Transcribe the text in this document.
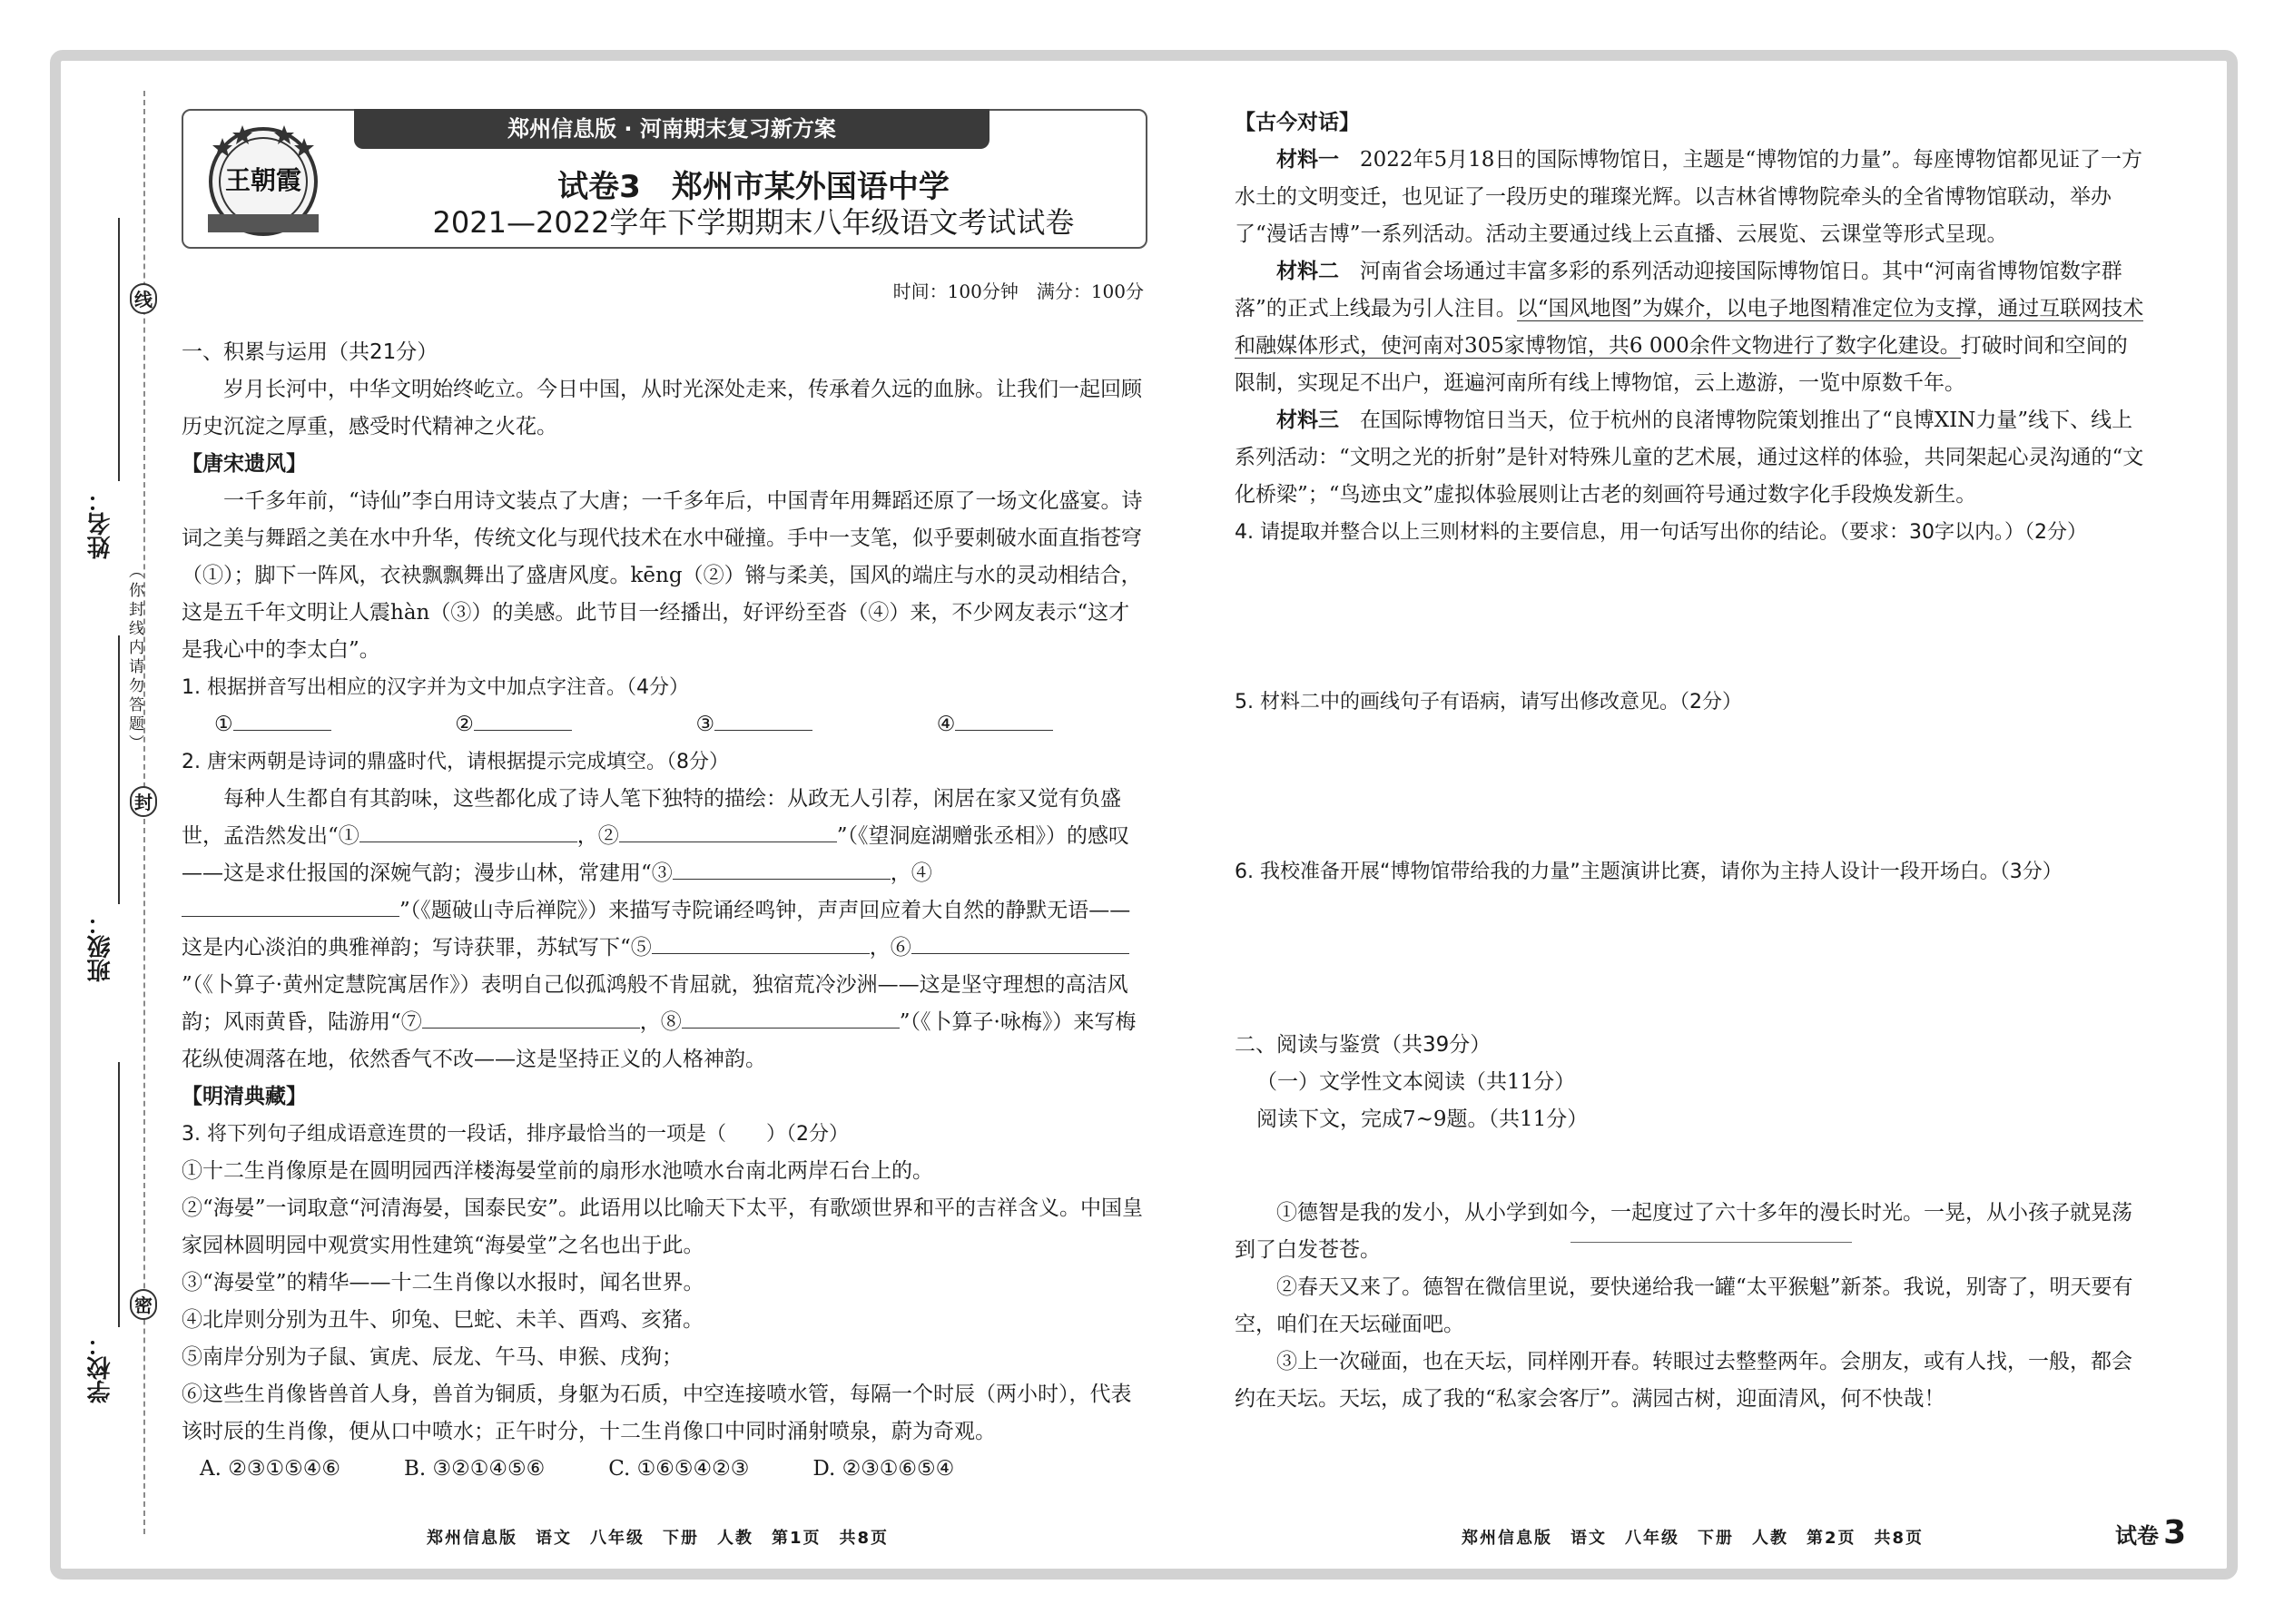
线
封
密
姓名：
班级：
学校：
（你封线内请勿答题）
郑州信息版 · 河南期末复习新方案
王朝霞	试卷3　郑州市某外国语中学
2021—2022学年下学期期末八年级语文考试试卷
时间：100分钟　满分：100分

一、积累与运用（共21分）

岁月长河中，中华文明始终屹立。今日中国，从时光深处走来，传承着久远的血脉。让我们一起回顾历史沉淀之厚重，感受时代精神之火花。

【唐宋遗风】

一千多年前，“诗仙”李白用诗文装点了大唐；一千多年后，中国青年用舞蹈还原了一场文化盛宴。诗词之美与舞蹈之美在水中升华，传统文化与现代技术在水中碰撞。手中一支笔，似乎要刺破水面直指苍穹（①）；脚下一阵风，衣袂飘飘舞出了盛唐风度。kēng（②）锵与柔美，国风的端庄与水的灵动相结合，这是五千年文明让人震hàn（③）的美感。此节目一经播出，好评纷至沓（④）来，不少网友表示“这才是我心中的李太白”。

1. 根据拼音写出相应的汉字并为文中加点字注音。（4分）

①	②	③	④

2. 唐宋两朝是诗词的鼎盛时代，请根据提示完成填空。（8分）

每种人生都自有其韵味，这些都化成了诗人笔下独特的描绘：从政无人引荐，闲居在家又觉有负盛世，孟浩然发出“①	，②	”（《望洞庭湖赠张丞相》）的感叹——这是求仕报国的深婉气韵；漫步山林，常建用“③	，④”（《题破山寺后禅院》）来描写寺院诵经鸣钟，声声回应着大自然的静默无语——这是内心淡泊的典雅禅韵；写诗获罪，苏轼写下“⑤	，⑥”（《卜算子·黄州定慧院寓居作》）表明自己似孤鸿般不肯屈就，独宿荒冷沙洲——这是坚守理想的高洁风韵；风雨黄昏，陆游用“⑦	，⑧	”（《卜算子·咏梅》）来写梅花纵使凋落在地，依然香气不改——这是坚持正义的人格神韵。

【明清典藏】

3. 将下列句子组成语意连贯的一段话，排序最恰当的一项是（　　）（2分）

①十二生肖像原是在圆明园西洋楼海晏堂前的扇形水池喷水台南北两岸石台上的。

②“海晏”一词取意“河清海晏，国泰民安”。此语用以比喻天下太平，有歌颂世界和平的吉祥含义。中国皇家园林圆明园中观赏实用性建筑“海晏堂”之名也出于此。

③“海晏堂”的精华——十二生肖像以水报时，闻名世界。

④北岸则分别为丑牛、卯兔、巳蛇、未羊、酉鸡、亥猪。

⑤南岸分别为子鼠、寅虎、辰龙、午马、申猴、戌狗；

⑥这些生肖像皆兽首人身，兽首为铜质，身躯为石质，中空连接喷水管，每隔一个时辰（两小时），代表该时辰的生肖像，便从口中喷水；正午时分，十二生肖像口中同时涌射喷泉，蔚为奇观。

A. ②③①⑤④⑥	B. ③②①④⑤⑥	C. ①⑥⑤④②③	D. ②③①⑥⑤④

【古今对话】

材料一　2022年5月18日的国际博物馆日，主题是“博物馆的力量”。每座博物馆都见证了一方水土的文明变迁，也见证了一段历史的璀璨光辉。以吉林省博物院牵头的全省博物馆联动，举办了“漫话吉博”一系列活动。活动主要通过线上云直播、云展览、云课堂等形式呈现。

材料二　河南省会场通过丰富多彩的系列活动迎接国际博物馆日。其中“河南省博物馆数字群落”的正式上线最为引人注目。以“国风地图”为媒介，以电子地图精准定位为支撑，通过互联网技术和融媒体形式，使河南对305家博物馆，共6 000余件文物进行了数字化建设。打破时间和空间的限制，实现足不出户，逛遍河南所有线上博物馆，云上遨游，一览中原数千年。

材料三　在国际博物馆日当天，位于杭州的良渚博物院策划推出了“良博XIN力量”线下、线上系列活动：“文明之光的折射”是针对特殊儿童的艺术展，通过这样的体验，共同架起心灵沟通的“文化桥梁”；“鸟迹虫文”虚拟体验展则让古老的刻画符号通过数字化手段焕发新生。

4. 请提取并整合以上三则材料的主要信息，用一句话写出你的结论。（要求：30字以内。）（2分）

5. 材料二中的画线句子有语病，请写出修改意见。（2分）

6. 我校准备开展“博物馆带给我的力量”主题演讲比赛，请你为主持人设计一段开场白。（3分）

二、阅读与鉴赏（共39分）

（一）文学性文本阅读（共11分）

阅读下文，完成7~9题。（共11分）

①德智是我的发小，从小学到如今，一起度过了六十多年的漫长时光。一晃，从小孩子就晃荡到了白发苍苍。

②春天又来了。德智在微信里说，要快递给我一罐“太平猴魁”新茶。我说，别寄了，明天要有空，咱们在天坛碰面吧。

③上一次碰面，也在天坛，同样刚开春。转眼过去整整两年。会朋友，或有人找，一般，都会约在天坛。天坛，成了我的“私家会客厅”。满园古树，迎面清风，何不快哉！

郑州信息版　语文　八年级　下册　人教　第1页　共8页	郑州信息版　语文　八年级　下册　人教　第2页　共8页	试卷 3
